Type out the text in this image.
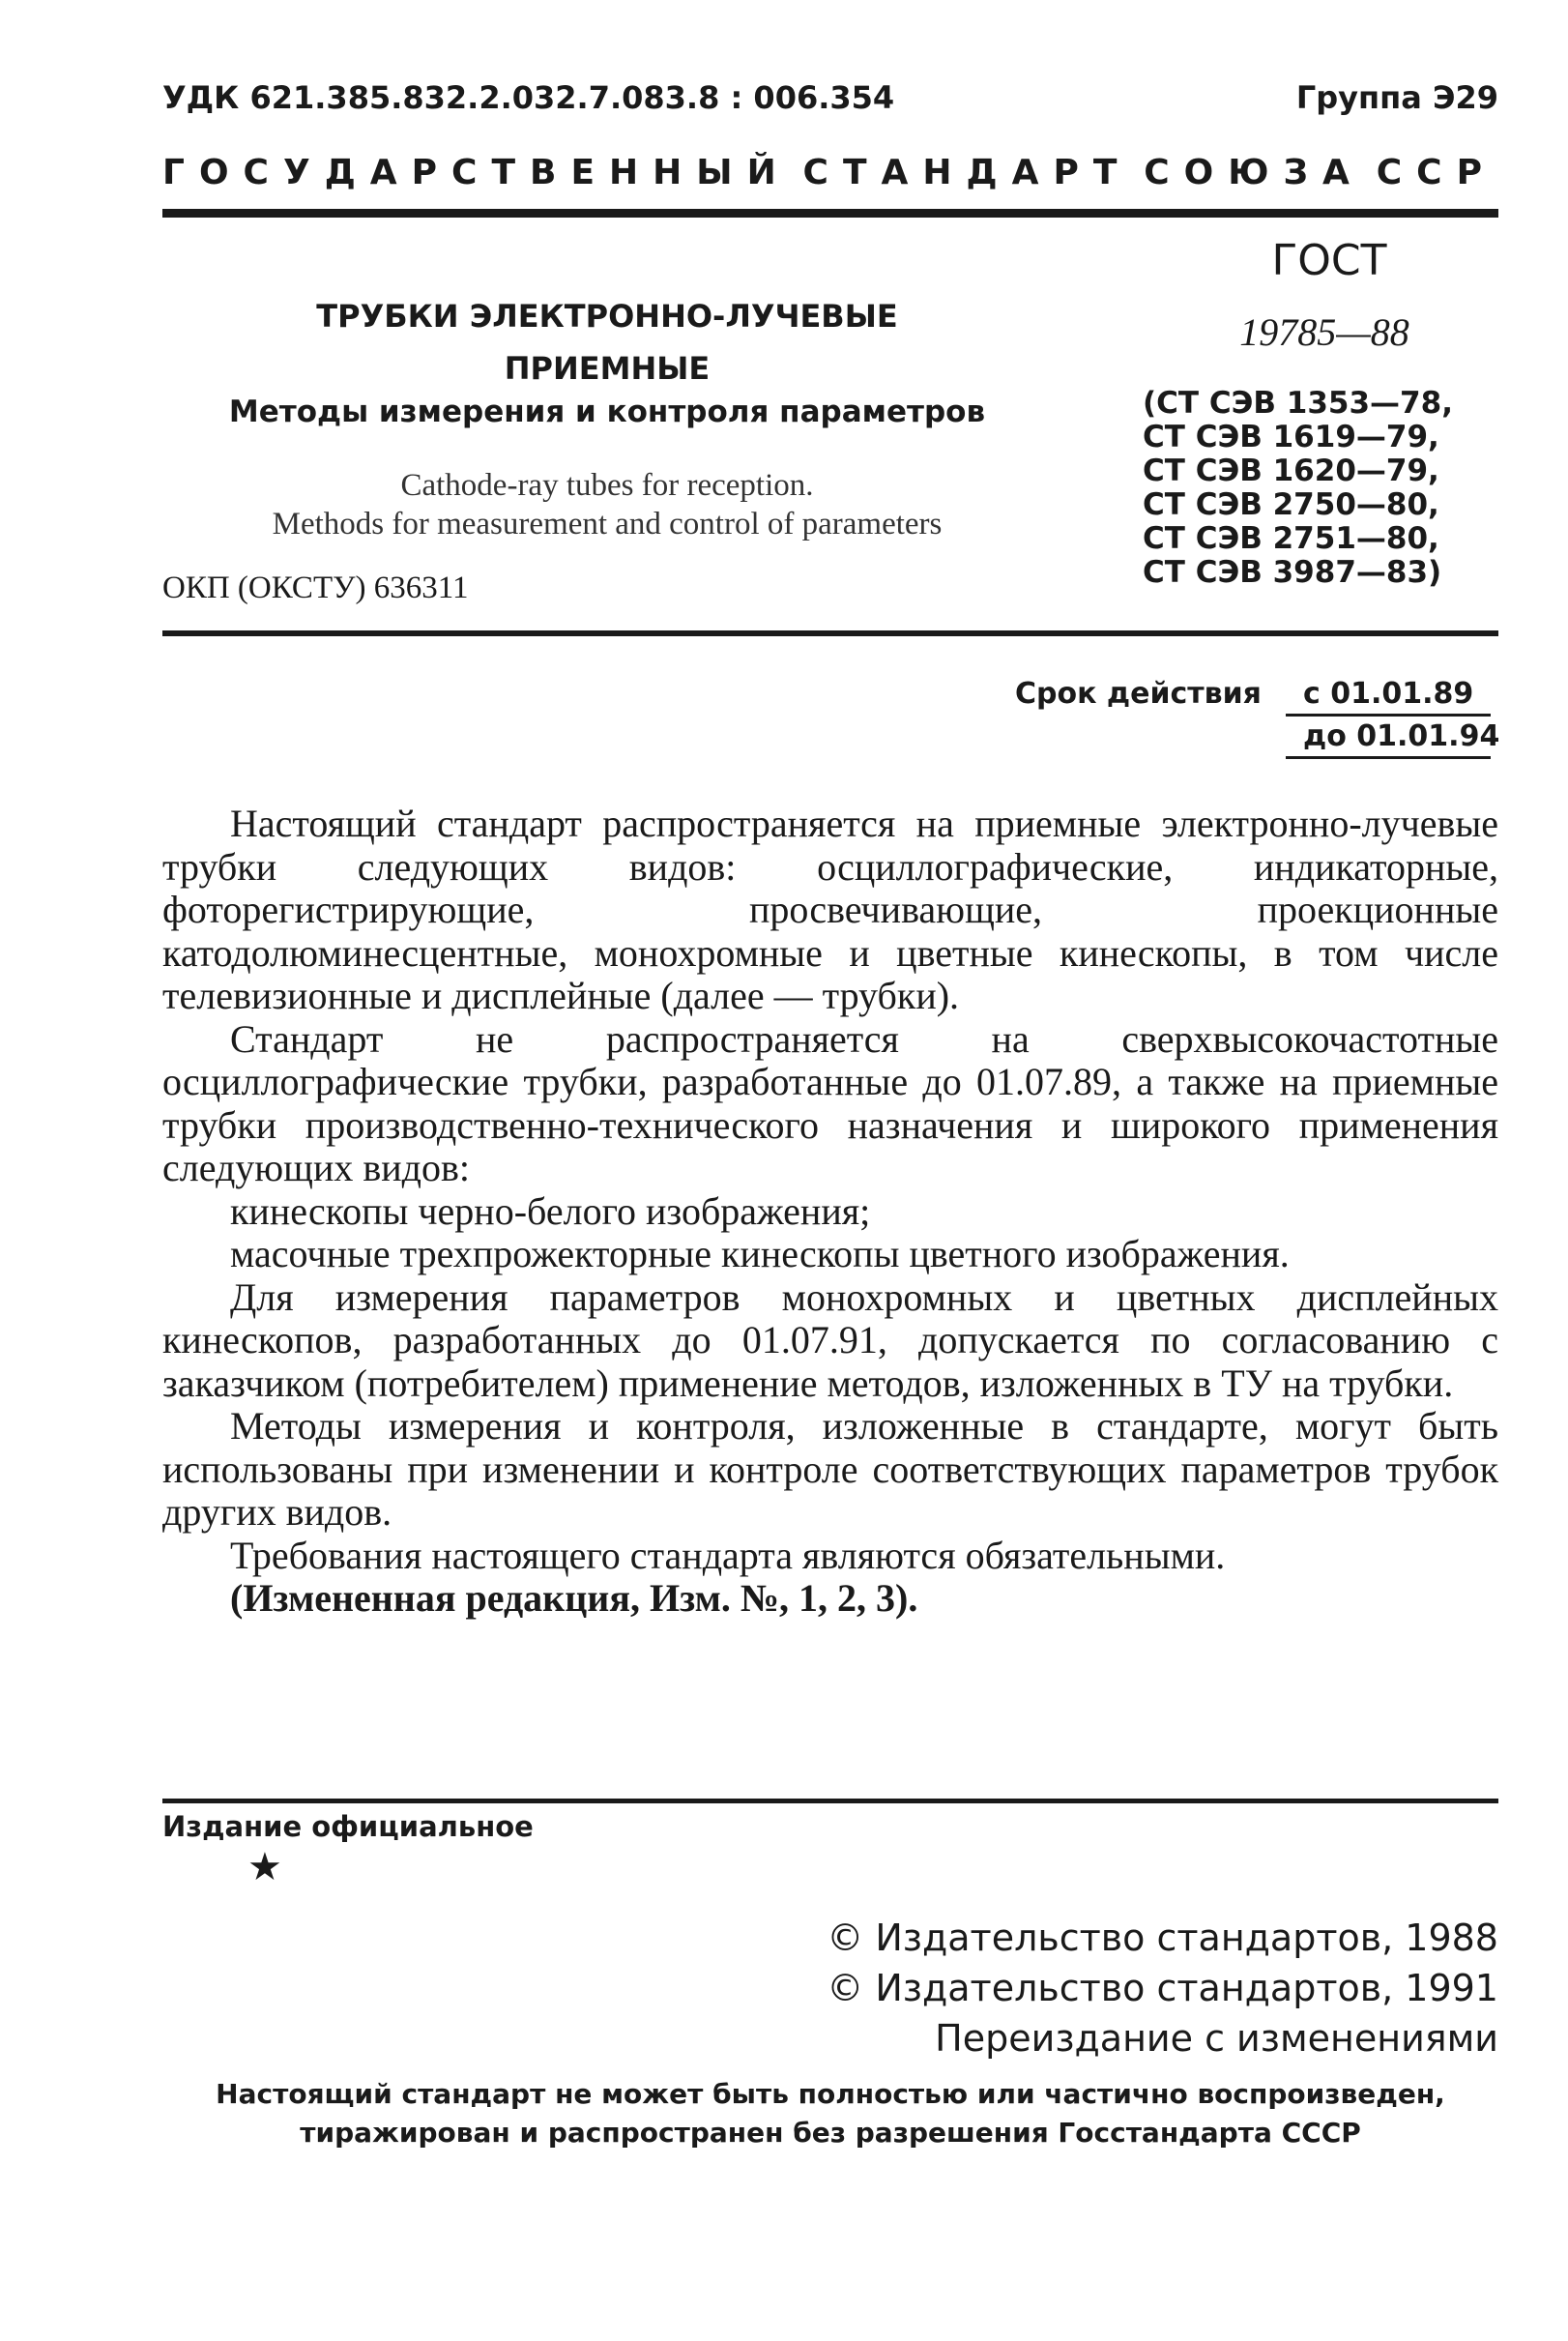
УДК 621.385.832.2.032.7.083.8 : 006.354	Группа Э29
ГОСУДАРСТВЕННЫЙ СТАНДАРТ СОЮЗА ССР
ТРУБКИ ЭЛЕКТРОННО-ЛУЧЕВЫЕ
ПРИЕМНЫЕ
Методы измерения и контроля параметров
Cathode-ray tubes for reception.
Methods for measurement and control of parameters
ОКП (ОКСТУ) 636311
ГОСТ
19785—88
(СТ СЭВ 1353—78,
СТ СЭВ 1619—79,
СТ СЭВ 1620—79,
СТ СЭВ 2750—80,
СТ СЭВ 2751—80,
СТ СЭВ 3987—83)
Срок действия с 01.01.89
до 01.01.94

Настоящий стандарт распространяется на приемные электронно-лучевые трубки следующих видов: осциллографические, индикаторные, фоторегистрирующие, просвечивающие, проекционные катодолюминесцентные, монохромные и цветные кинескопы, в том числе телевизионные и дисплейные (далее — трубки).

Стандарт не распространяется на сверхвысокочастотные осциллографические трубки, разработанные до 01.07.89, а также на приемные трубки производственно-технического назначения и широкого применения следующих видов:

кинескопы черно-белого изображения;

масочные трехпрожекторные кинескопы цветного изображения.

Для измерения параметров монохромных и цветных дисплейных кинескопов, разработанных до 01.07.91, допускается по согласованию с заказчиком (потребителем) применение методов, изложенных в ТУ на трубки.

Методы измерения и контроля, изложенные в стандарте, могут быть использованы при изменении и контроле соответствующих параметров трубок других видов.

Требования настоящего стандарта являются обязательными.

(Измененная редакция, Изм. №, 1, 2, 3).

Издание официальное
★
© Издательство стандартов, 1988
© Издательство стандартов, 1991
Переиздание с изменениями
Настоящий стандарт не может быть полностью или частично воспроизведен, тиражирован и распространен без разрешения Госстандарта СССР
